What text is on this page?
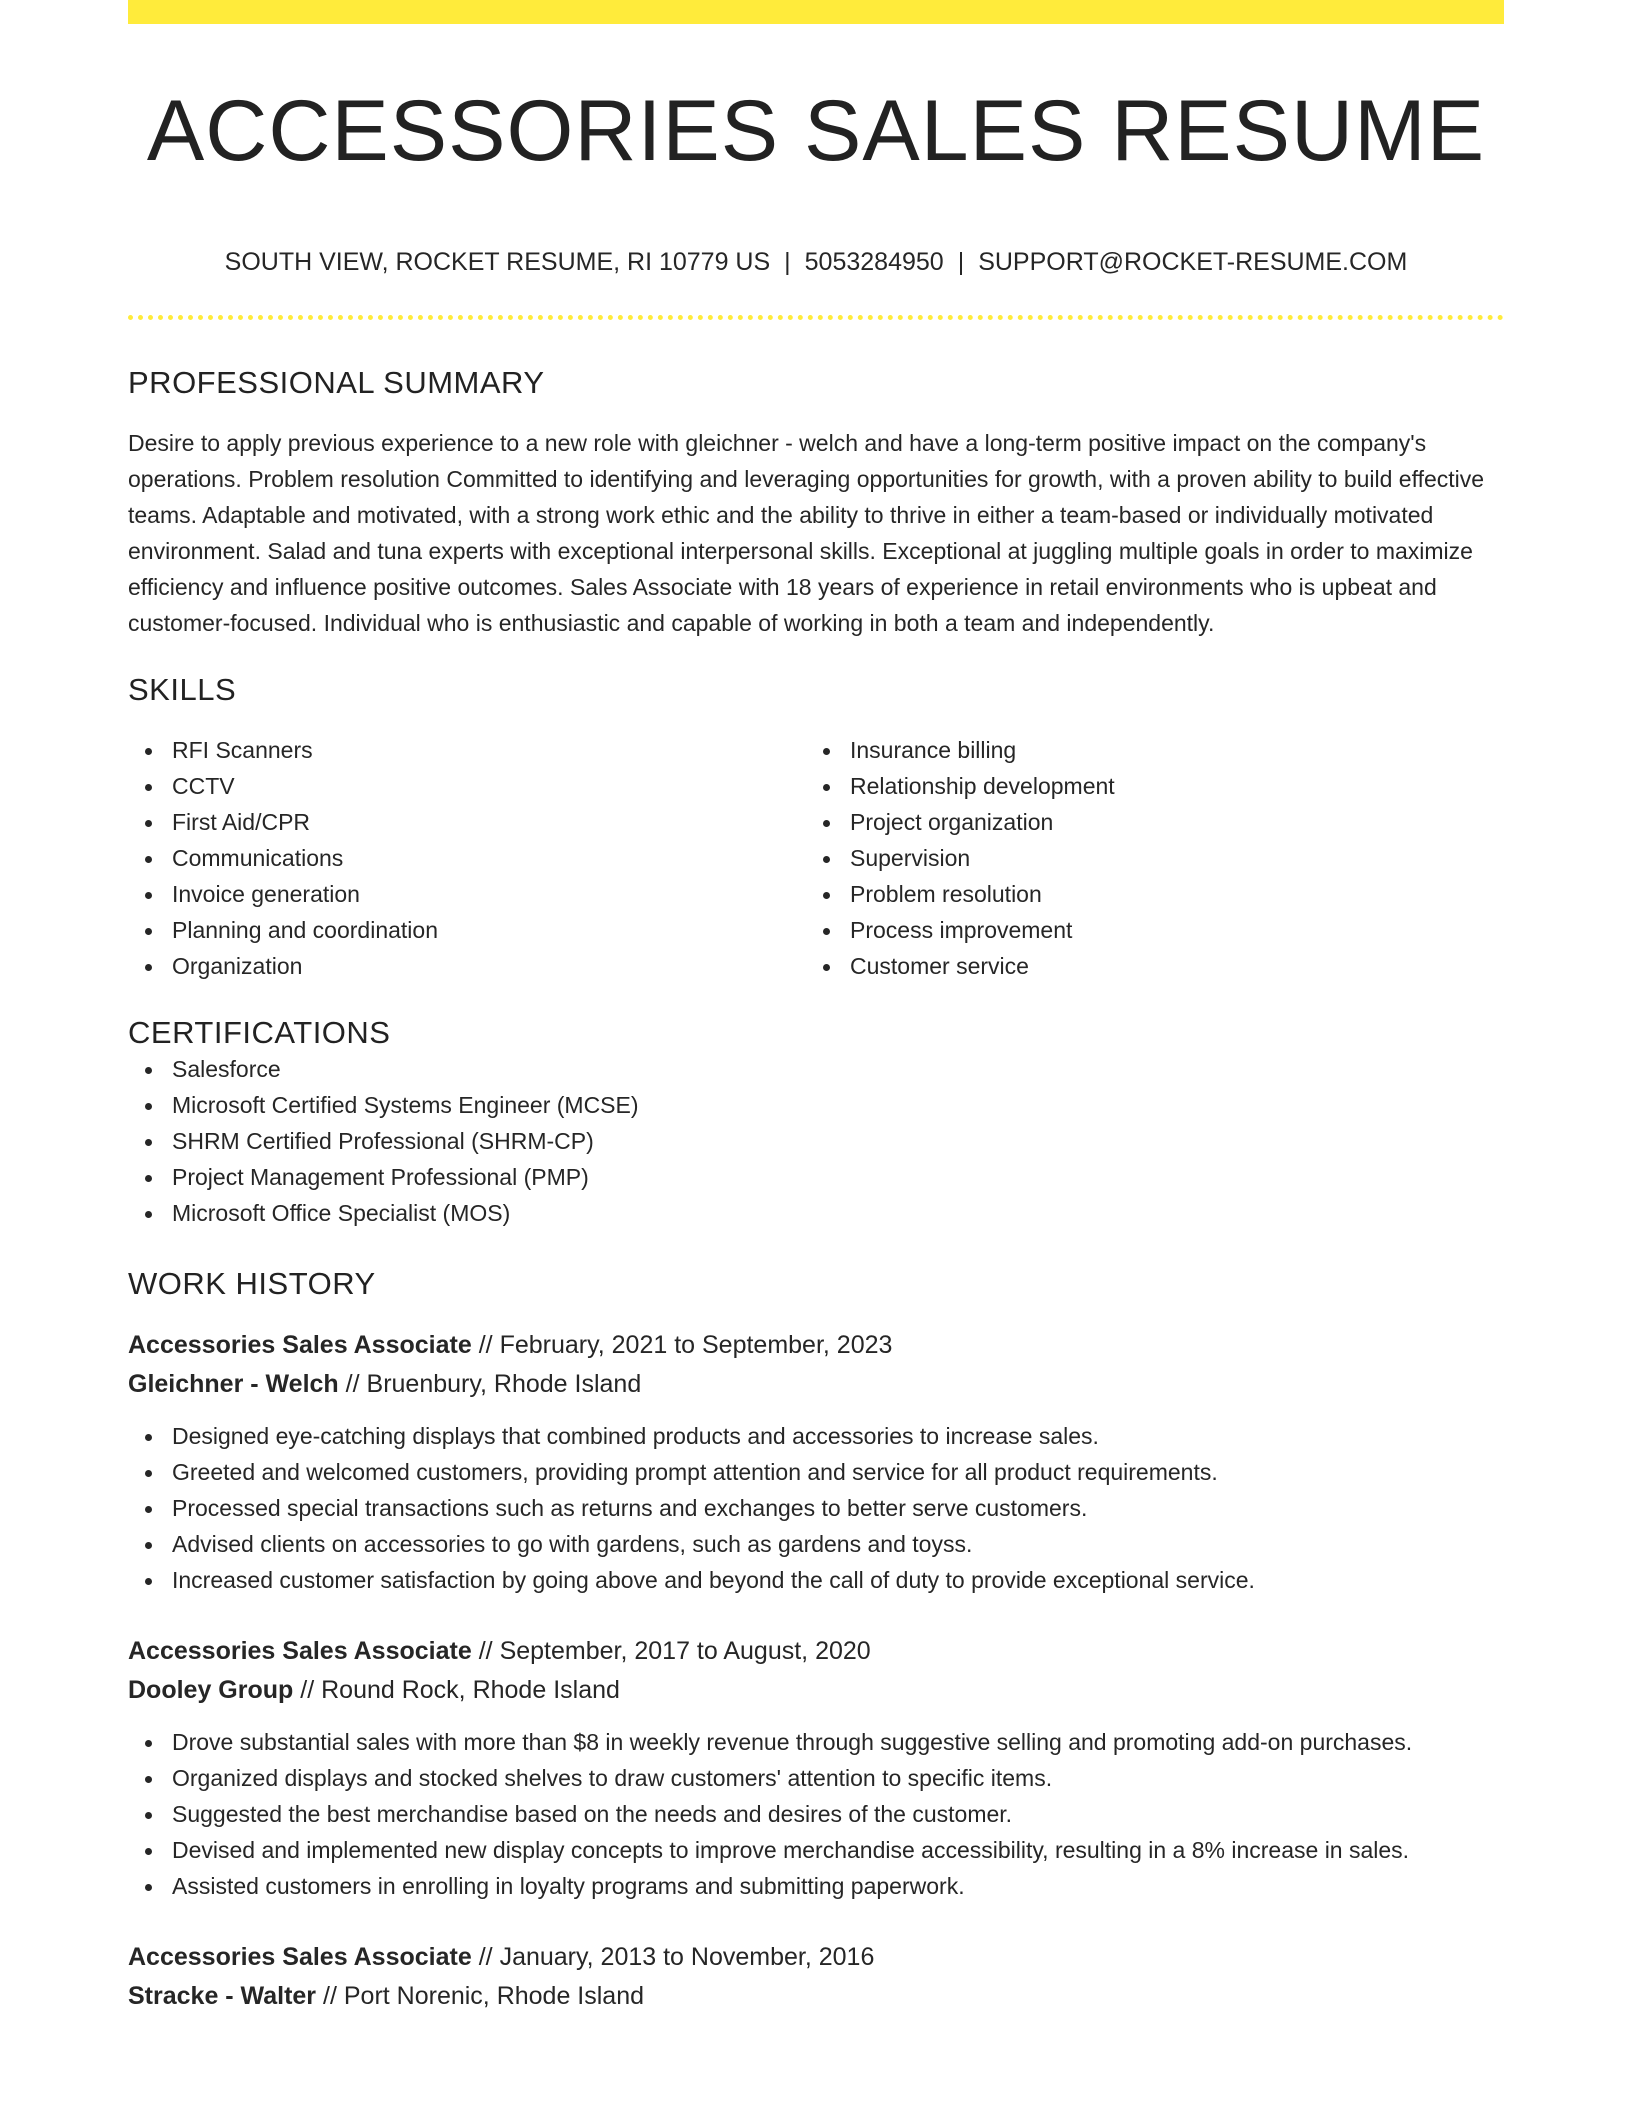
ACCESSORIES SALES RESUME
SOUTH VIEW, ROCKET RESUME, RI 10779 US | 5053284950 | SUPPORT@ROCKET-RESUME.COM
PROFESSIONAL SUMMARY

Desire to apply previous experience to a new role with gleichner - welch and have a long-term positive impact on the company's operations. Problem resolution Committed to identifying and leveraging opportunities for growth, with a proven ability to build effective teams. Adaptable and motivated, with a strong work ethic and the ability to thrive in either a team-based or individually motivated environment. Salad and tuna experts with exceptional interpersonal skills. Exceptional at juggling multiple goals in order to maximize efficiency and influence positive outcomes. Sales Associate with 18 years of experience in retail environments who is upbeat and customer-focused. Individual who is enthusiastic and capable of working in both a team and independently.

SKILLS
RFI Scanners
CCTV
First Aid/CPR
Communications
Invoice generation
Planning and coordination
Organization
Insurance billing
Relationship development
Project organization
Supervision
Problem resolution
Process improvement
Customer service
CERTIFICATIONS
Salesforce
Microsoft Certified Systems Engineer (MCSE)
SHRM Certified Professional (SHRM-CP)
Project Management Professional (PMP)
Microsoft Office Specialist (MOS)
WORK HISTORY
Accessories Sales Associate // February, 2021 to September, 2023
Gleichner - Welch // Bruenbury, Rhode Island
Designed eye-catching displays that combined products and accessories to increase sales.
Greeted and welcomed customers, providing prompt attention and service for all product requirements.
Processed special transactions such as returns and exchanges to better serve customers.
Advised clients on accessories to go with gardens, such as gardens and toyss.
Increased customer satisfaction by going above and beyond the call of duty to provide exceptional service.
Accessories Sales Associate // September, 2017 to August, 2020
Dooley Group // Round Rock, Rhode Island
Drove substantial sales with more than $8 in weekly revenue through suggestive selling and promoting add-on purchases.
Organized displays and stocked shelves to draw customers' attention to specific items.
Suggested the best merchandise based on the needs and desires of the customer.
Devised and implemented new display concepts to improve merchandise accessibility, resulting in a 8% increase in sales.
Assisted customers in enrolling in loyalty programs and submitting paperwork.
Accessories Sales Associate // January, 2013 to November, 2016
Stracke - Walter // Port Norenic, Rhode Island
